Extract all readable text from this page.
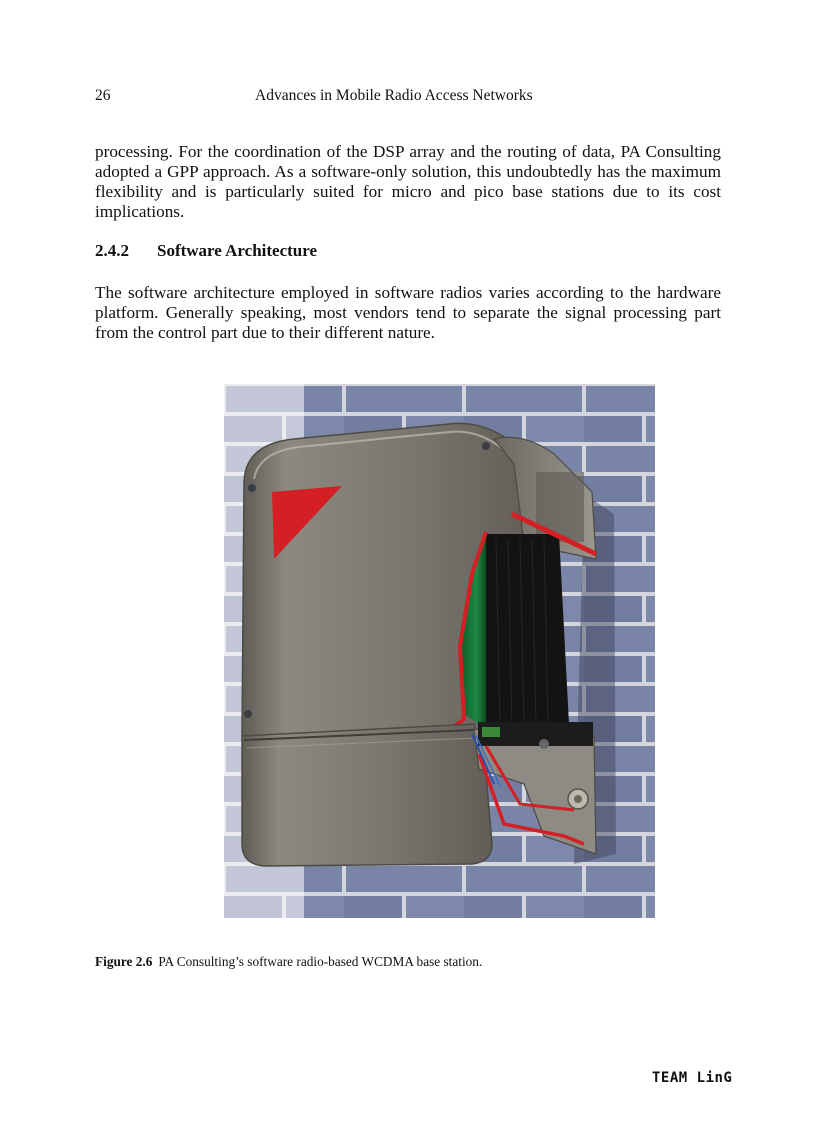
26	Advances in Mobile Radio Access Networks

processing. For the coordination of the DSP array and the routing of data, PA Consulting adopted a GPP approach. As a software-only solution, this undoubtedly has the maximum flexibility and is particularly suited for micro and pico base stations due to its cost implications.

2.4.2 Software Architecture

The software architecture employed in software radios varies according to the hardware platform. Generally speaking, most vendors tend to separate the signal processing part from the control part due to their different nature.

Figure 2.6 PA Consulting’s software radio-based WCDMA base station.

TEAM LinG
